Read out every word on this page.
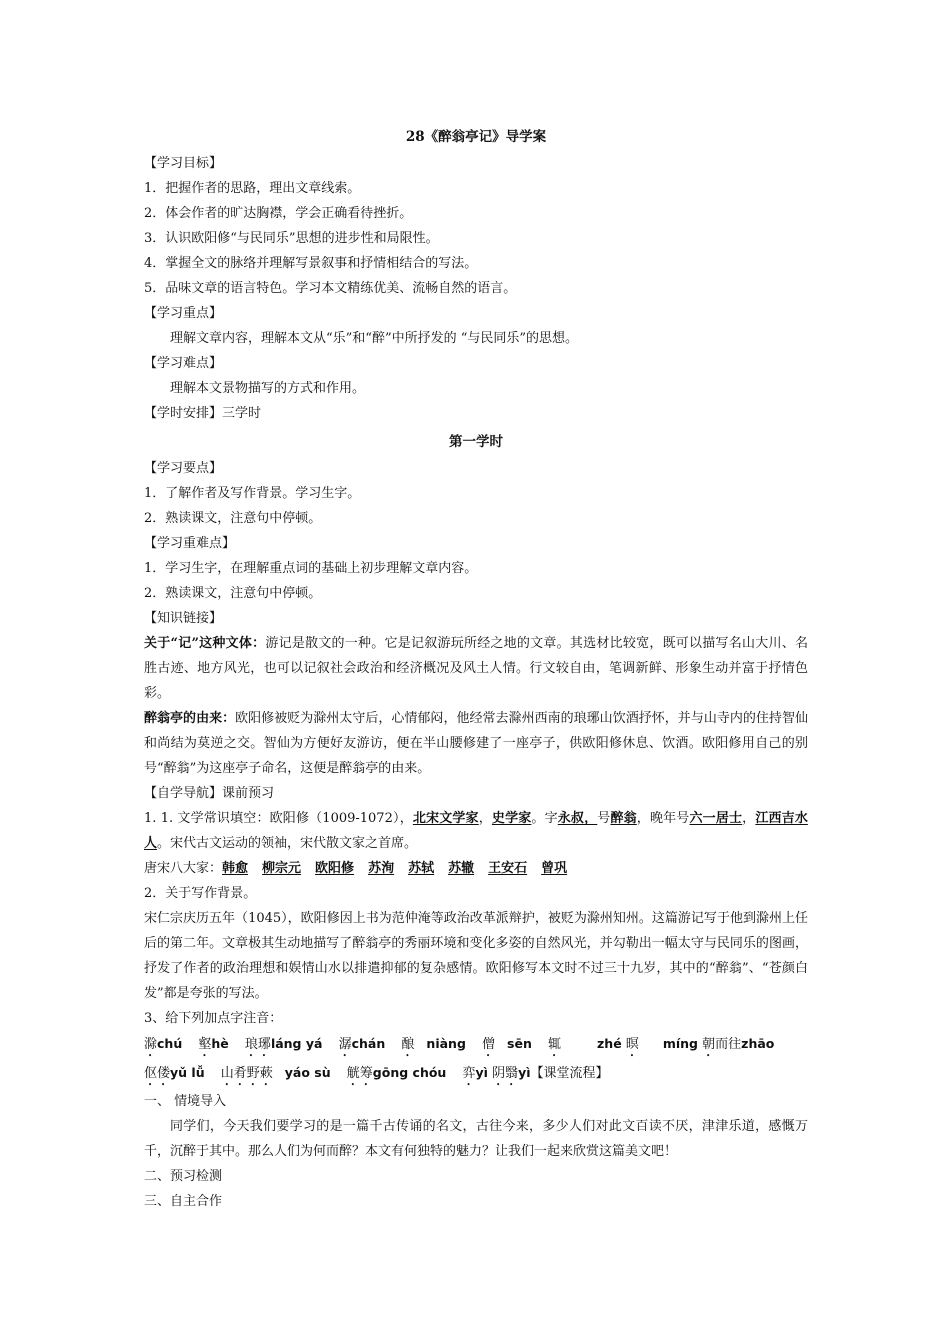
28《醉翁亭记》导学案
【学习目标】
1．把握作者的思路，理出文章线索。
2．体会作者的旷达胸襟，学会正确看待挫折。
3．认识欧阳修“与民同乐”思想的进步性和局限性。
4．掌握全文的脉络并理解写景叙事和抒情相结合的写法。
5．品味文章的语言特色。学习本文精练优美、流畅自然的语言。
【学习重点】
理解文章内容，理解本文从“乐”和“醉”中所抒发的 “与民同乐”的思想。
【学习难点】
理解本文景物描写的方式和作用。
【学时安排】三学时
第一学时
【学习要点】
1．了解作者及写作背景。学习生字。
2．熟读课文，注意句中停顿。
【学习重难点】
1．学习生字，在理解重点词的基础上初步理解文章内容。
2．熟读课文，注意句中停顿。
【知识链接】
关于“记”这种文体：游记是散文的一种。它是记叙游玩所经之地的文章。其选材比较宽，既可以描写名山大川、名胜古迹、地方风光，也可以记叙社会政治和经济概况及风土人情。行文较自由，笔调新鲜、形象生动并富于抒情色彩。
醉翁亭的由来：欧阳修被贬为滁州太守后，心情郁闷，他经常去滁州西南的琅琊山饮酒抒怀，并与山寺内的住持智仙和尚结为莫逆之交。智仙为方便好友游访，便在半山腰修建了一座亭子，供欧阳修休息、饮酒。欧阳修用自己的别号“醉翁”为这座亭子命名，这便是醉翁亭的由来。
【自学导航】课前预习
1. 1. 文学常识填空：欧阳修（1009-1072），北宋文学家，史学家。字永叔，号醉翁，晚年号六一居士，江西吉水人。宋代古文运动的领袖，宋代散文家之首席。
唐宋八大家：韩愈 柳宗元 欧阳修 苏洵 苏轼 苏辙 王安石 曾巩
2．关于写作背景。
宋仁宗庆历五年（1045），欧阳修因上书为范仲淹等政治改革派辩护，被贬为滁州知州。这篇游记写于他到滁州上任后的第二年。文章极其生动地描写了醉翁亭的秀丽环境和变化多姿的自然风光，并勾勒出一幅太守与民同乐的图画，抒发了作者的政治理想和娱情山水以排遣抑郁的复杂感情。欧阳修写本文时不过三十九岁，其中的“醉翁”、“苍颜白发”都是夸张的写法。
3、给下列加点字注音：
滁chú 壑hè 琅琊láng yá 潺chán 酿 niàng 僧 sēn 辄	zhé 暝 míng 朝而往zhāo
伛偻yǔ lǚ 山肴野蔌 yáo sù 觥筹gōng chóu 弈yì 阴翳yì【课堂流程】
一、 情境导入
同学们，今天我们要学习的是一篇千古传诵的名文，古往今来，多少人们对此文百读不厌，津津乐道，感慨万千，沉醉于其中。那么人们为何而醉？本文有何独特的魅力？让我们一起来欣赏这篇美文吧！
二、预习检测
三、自主合作
